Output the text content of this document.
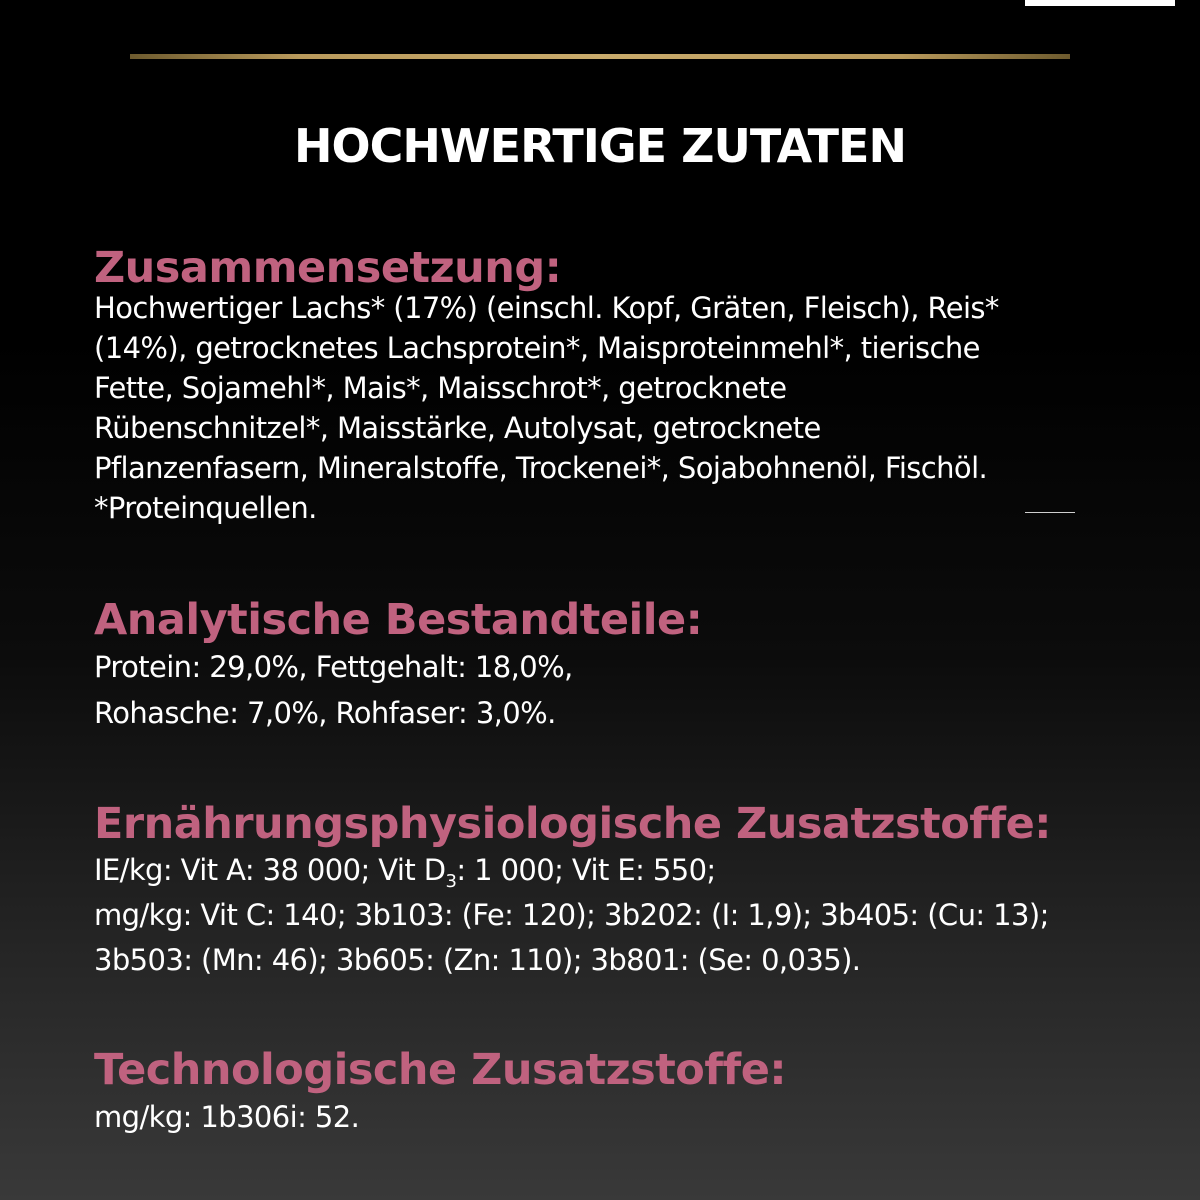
HOCHWERTIGE ZUTATEN
Zusammensetzung:
Hochwertiger Lachs* (17%) (einschl. Kopf, Gräten, Fleisch), Reis*
(14%), getrocknetes Lachsprotein*, Maisproteinmehl*, tierische
Fette, Sojamehl*, Mais*, Maisschrot*, getrocknete
Rübenschnitzel*, Maisstärke, Autolysat, getrocknete
Pflanzenfasern, Mineralstoffe, Trockenei*, Sojabohnenöl, Fischöl.
*Proteinquellen.
Analytische Bestandteile:
Protein: 29,0%, Fettgehalt: 18,0%,
Rohasche: 7,0%, Rohfaser: 3,0%.
Ernährungsphysiologische Zusatzstoffe:
IE/kg: Vit A: 38 000; Vit $D_3$: 1 000; Vit E: 550;
mg/kg: Vit C: 140; 3b103: (Fe: 120); 3b202: (I: 1,9); 3b405: (Cu: 13);
3b503: (Mn: 46); 3b605: (Zn: 110); 3b801: (Se: 0,035).
Technologische Zusatzstoffe:
mg/kg: 1b306i: 52.
